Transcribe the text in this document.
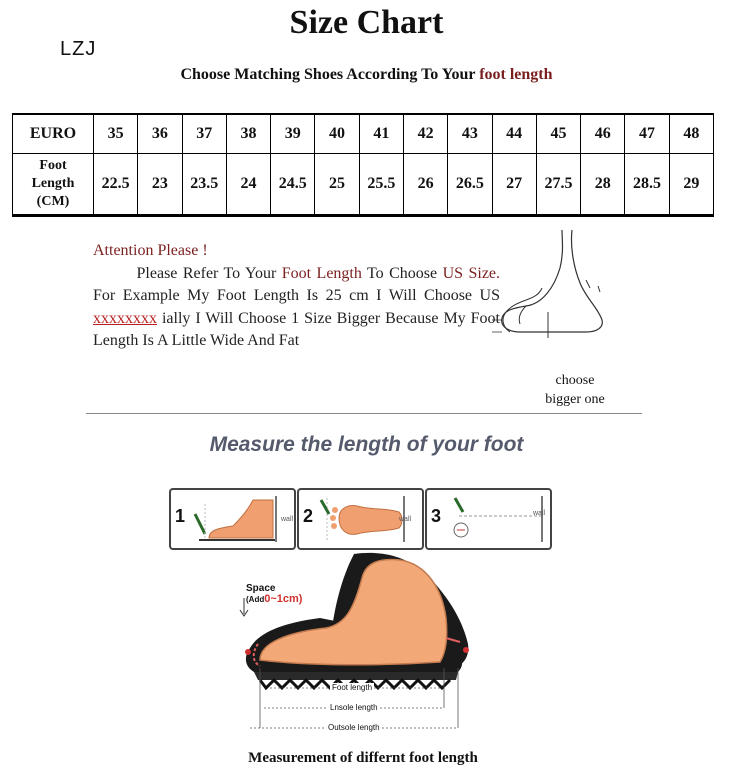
Size Chart
LZJ
Choose Matching Shoes According To Your foot length
EURO	35	36	37	38	39	40	41	42	43	44	45	46	47	48
Foot
Length
(CM)	22.5	23	23.5	24	24.5	25	25.5	26	26.5	27	27.5	28	28.5	29
Attention Please !

Please Refer To Your Foot Length To Choose US Size. For Example My Foot Length Is 25 cm I Will Choose US xxxxxxxx ially I Will Choose 1 Size Bigger Because My Foot Length Is A Little Wide And Fat

choose
bigger one
Measure the length of your foot
1	wall 2	wall 3	wall
Space
(Add0~1cm)
Foot length
Lnsole length
Outsole length
Measurement of differnt foot length
